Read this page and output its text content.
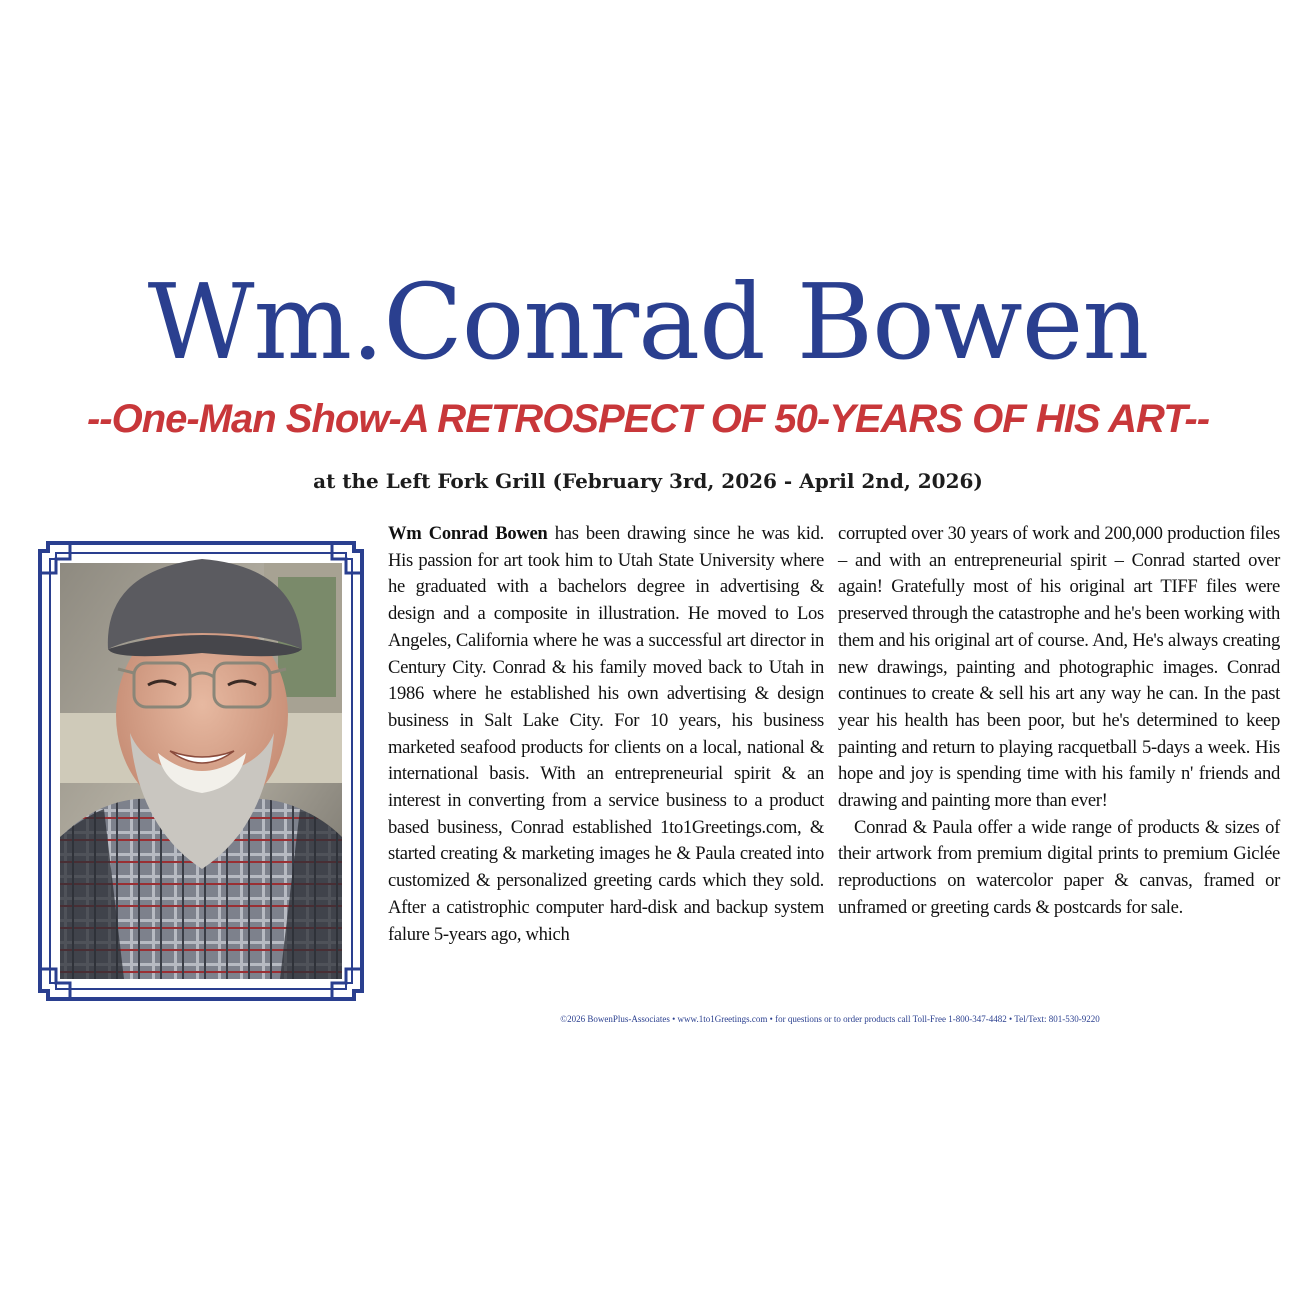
Wm.Conrad Bowen
--One-Man Show-A RETROSPECT OF 50-YEARS OF HIS ART--
at the Left Fork Grill (February 3rd, 2026 - April 2nd, 2026)

Wm Conrad Bowen has been drawing since he was kid. His passion for art took him to Utah State University where he graduated with a bachelors degree in advertising & design and a composite in illustration. He moved to Los Angeles, California where he was a successful art director in Century City. Conrad & his family moved back to Utah in 1986 where he established his own advertising & design business in Salt Lake City. For 10 years, his business marketed seafood products for clients on a local, national & international basis. With an entrepreneurial spirit & an interest in converting from a service business to a product based business, Conrad established 1to1Greetings.com, & started creating & marketing images he & Paula created into customized & personalized greeting cards which they sold. After a catistrophic computer hard-disk and backup system falure 5-years ago, which

corrupted over 30 years of work and 200,000 production files – and with an entrepreneurial spirit – Conrad started over again! Gratefully most of his original art TIFF files were preserved through the catastrophe and he's been working with them and his original art of course. And, He's always creating new drawings, painting and photographic images. Conrad continues to create & sell his art any way he can. In the past year his health has been poor, but he's determined to keep painting and return to playing racquetball 5-days a week. His hope and joy is spending time with his family n' friends and drawing and painting more than ever!

Conrad & Paula offer a wide range of products & sizes of their artwork from premium digital prints to premium Giclée reproductions on watercolor paper & canvas, framed or unframed or greeting cards & postcards for sale.

©2026 BowenPlus-Associates • www.1to1Greetings.com • for questions or to order products call Toll-Free 1-800-347-4482 • Tel/Text: 801-530-9220
